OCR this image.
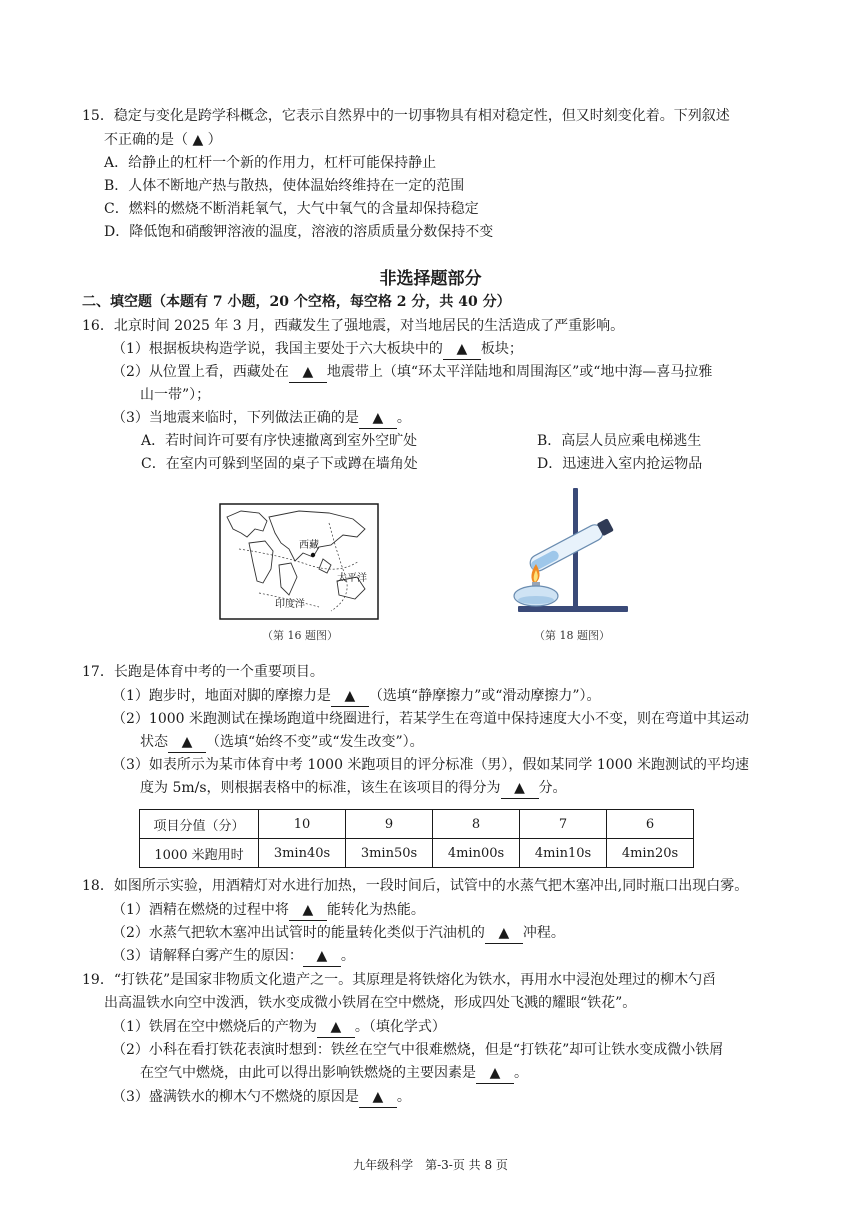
15．稳定与变化是跨学科概念，它表示自然界中的一切事物具有相对稳定性，但又时刻变化着。下列叙述
不正确的是（ ▲ ）
A．给静止的杠杆一个新的作用力，杠杆可能保持静止
B．人体不断地产热与散热，使体温始终维持在一定的范围
C．燃料的燃烧不断消耗氧气，大气中氧气的含量却保持稳定
D．降低饱和硝酸钾溶液的温度，溶液的溶质质量分数保持不变
非选择题部分
二、填空题（本题有 7 小题，20 个空格，每空格 2 分，共 40 分）
16．北京时间 2025 年 3 月，西藏发生了强地震，对当地居民的生活造成了严重影响。
（1）根据板块构造学说，我国主要处于六大板块中的 ▲ 板块；
（2）从位置上看，西藏处在 ▲ 地震带上（填“环太平洋陆地和周围海区”或“地中海—喜马拉雅
山一带”）；
（3）当地震来临时，下列做法正确的是 ▲ 。
A．若时间许可要有序快速撤离到室外空旷处	B．高层人员应乘电梯逃生
C．在室内可躲到坚固的桌子下或蹲在墙角处	D．迅速进入室内抢运物品
西藏
太平洋
印度洋
（第 16 题图）	（第 18 题图）
17．长跑是体育中考的一个重要项目。
（1）跑步时，地面对脚的摩擦力是 ▲ （选填“静摩擦力”或“滑动摩擦力”）。
（2）1000 米跑测试在操场跑道中绕圈进行，若某学生在弯道中保持速度大小不变，则在弯道中其运动
状态 ▲ （选填“始终不变”或“发生改变”）。
（3）如表所示为某市体育中考 1000 米跑项目的评分标准（男），假如某同学 1000 米跑测试的平均速
度为 5m/s，则根据表格中的标准，该生在该项目的得分为 ▲ 分。
项目分值（分）	10	9	8	7	6
1000 米跑用时	3min40s	3min50s	4min00s	4min10s	4min20s
18．如图所示实验，用酒精灯对水进行加热，一段时间后，试管中的水蒸气把木塞冲出,同时瓶口出现白雾。
（1）酒精在燃烧的过程中将 ▲ 能转化为热能。
（2）水蒸气把软木塞冲出试管时的能量转化类似于汽油机的 ▲ 冲程。
（3）请解释白雾产生的原因： ▲ 。
19．“打铁花”是国家非物质文化遗产之一。其原理是将铁熔化为铁水，再用水中浸泡处理过的柳木勺舀
出高温铁水向空中泼洒，铁水变成微小铁屑在空中燃烧，形成四处飞溅的耀眼“铁花”。
（1）铁屑在空中燃烧后的产物为 ▲ 。（填化学式）
（2）小科在看打铁花表演时想到：铁丝在空气中很难燃烧，但是“打铁花”却可让铁水变成微小铁屑
在空气中燃烧，由此可以得出影响铁燃烧的主要因素是 ▲ 。
（3）盛满铁水的柳木勺不燃烧的原因是 ▲ 。
九年级科学　第-3-页 共 8 页
